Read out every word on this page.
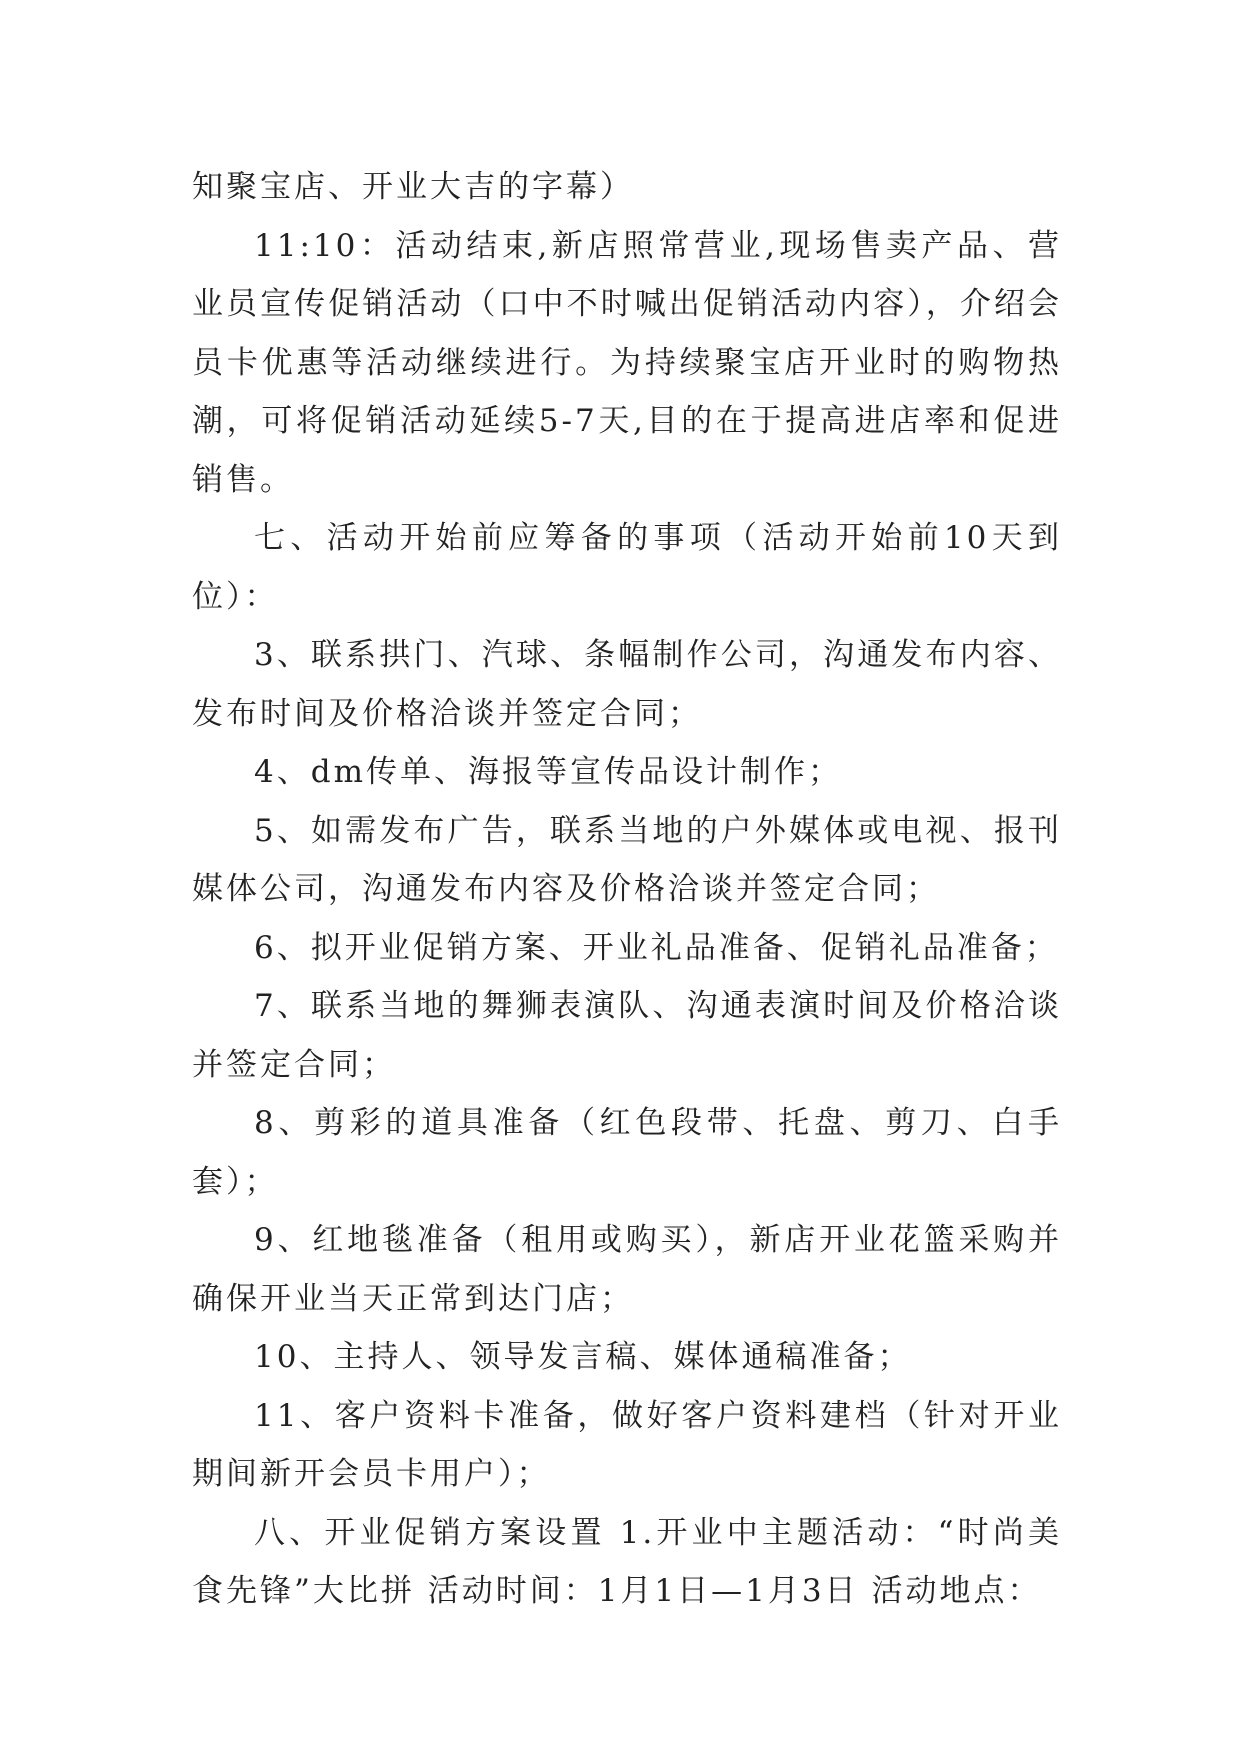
知聚宝店、开业大吉的字幕）

11:10：活动结束,新店照常营业,现场售卖产品、营业员宣传促销活动（口中不时喊出促销活动内容），介绍会员卡优惠等活动继续进行。为持续聚宝店开业时的购物热潮，可将促销活动延续5-7天,目的在于提高进店率和促进销售。

七、活动开始前应筹备的事项（活动开始前10天到位）：

3、联系拱门、汽球、条幅制作公司，沟通发布内容、发布时间及价格洽谈并签定合同；

4、dm传单、海报等宣传品设计制作；

5、如需发布广告，联系当地的户外媒体或电视、报刊媒体公司，沟通发布内容及价格洽谈并签定合同；

6、拟开业促销方案、开业礼品准备、促销礼品准备；

7、联系当地的舞狮表演队、沟通表演时间及价格洽谈并签定合同；

8、剪彩的道具准备（红色段带、托盘、剪刀、白手套）；

9、红地毯准备（租用或购买），新店开业花篮采购并确保开业当天正常到达门店；

10、主持人、领导发言稿、媒体通稿准备；

11、客户资料卡准备，做好客户资料建档（针对开业期间新开会员卡用户）；

八、开业促销方案设置 1.开业中主题活动：“时尚美食先锋”大比拼 活动时间：1月1日—1月3日 活动地点：
